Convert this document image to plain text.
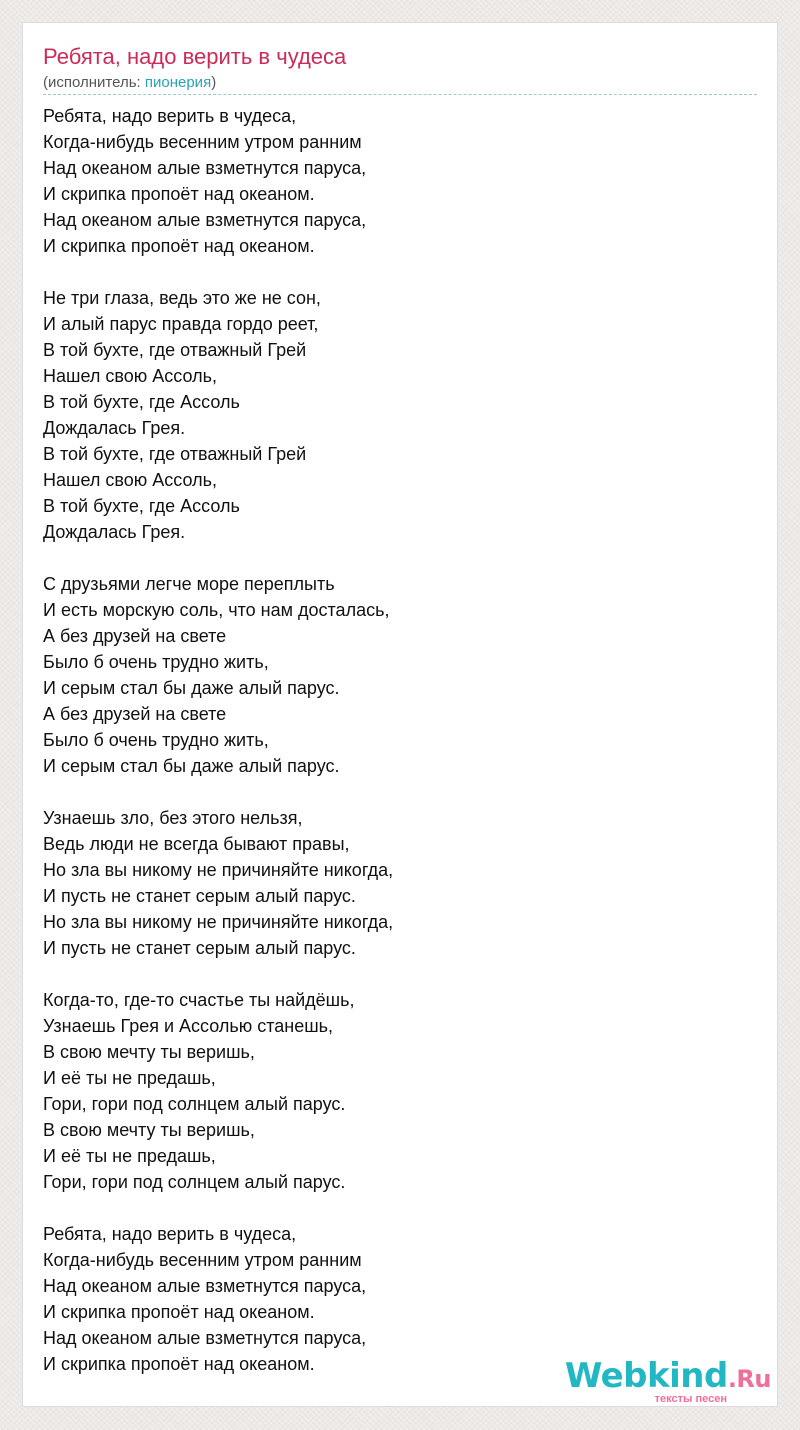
Ребята, надо верить в чудеса
(исполнитель: пионерия)
Ребята, надо верить в чудеса,
Когда-нибудь весенним утром ранним
Над океаном алые взметнутся паруса,
И скрипка пропоёт над океаном.
Над океаном алые взметнутся паруса,
И скрипка пропоёт над океаном.
Не три глаза, ведь это же не сон,
И алый парус правда гордо реет,
В той бухте, где отважный Грей
Нашел свою Ассоль,
В той бухте, где Ассоль
Дождалась Грея.
В той бухте, где отважный Грей
Нашел свою Ассоль,
В той бухте, где Ассоль
Дождалась Грея.
С друзьями легче море переплыть
И есть морскую соль, что нам досталась,
А без друзей на свете
Было б очень трудно жить,
И серым стал бы даже алый парус.
А без друзей на свете
Было б очень трудно жить,
И серым стал бы даже алый парус.
Узнаешь зло, без этого нельзя,
Ведь люди не всегда бывают правы,
Но зла вы никому не причиняйте никогда,
И пусть не станет серым алый парус.
Но зла вы никому не причиняйте никогда,
И пусть не станет серым алый парус.
Когда-то, где-то счастье ты найдёшь,
Узнаешь Грея и Ассолью станешь,
В свою мечту ты веришь,
И её ты не предашь,
Гори, гори под солнцем алый парус.
В свою мечту ты веришь,
И её ты не предашь,
Гори, гори под солнцем алый парус.
Ребята, надо верить в чудеса,
Когда-нибудь весенним утром ранним
Над океаном алые взметнутся паруса,
И скрипка пропоёт над океаном.
Над океаном алые взметнутся паруса,
И скрипка пропоёт над океаном.	Webkind.Ru
тексты песен
